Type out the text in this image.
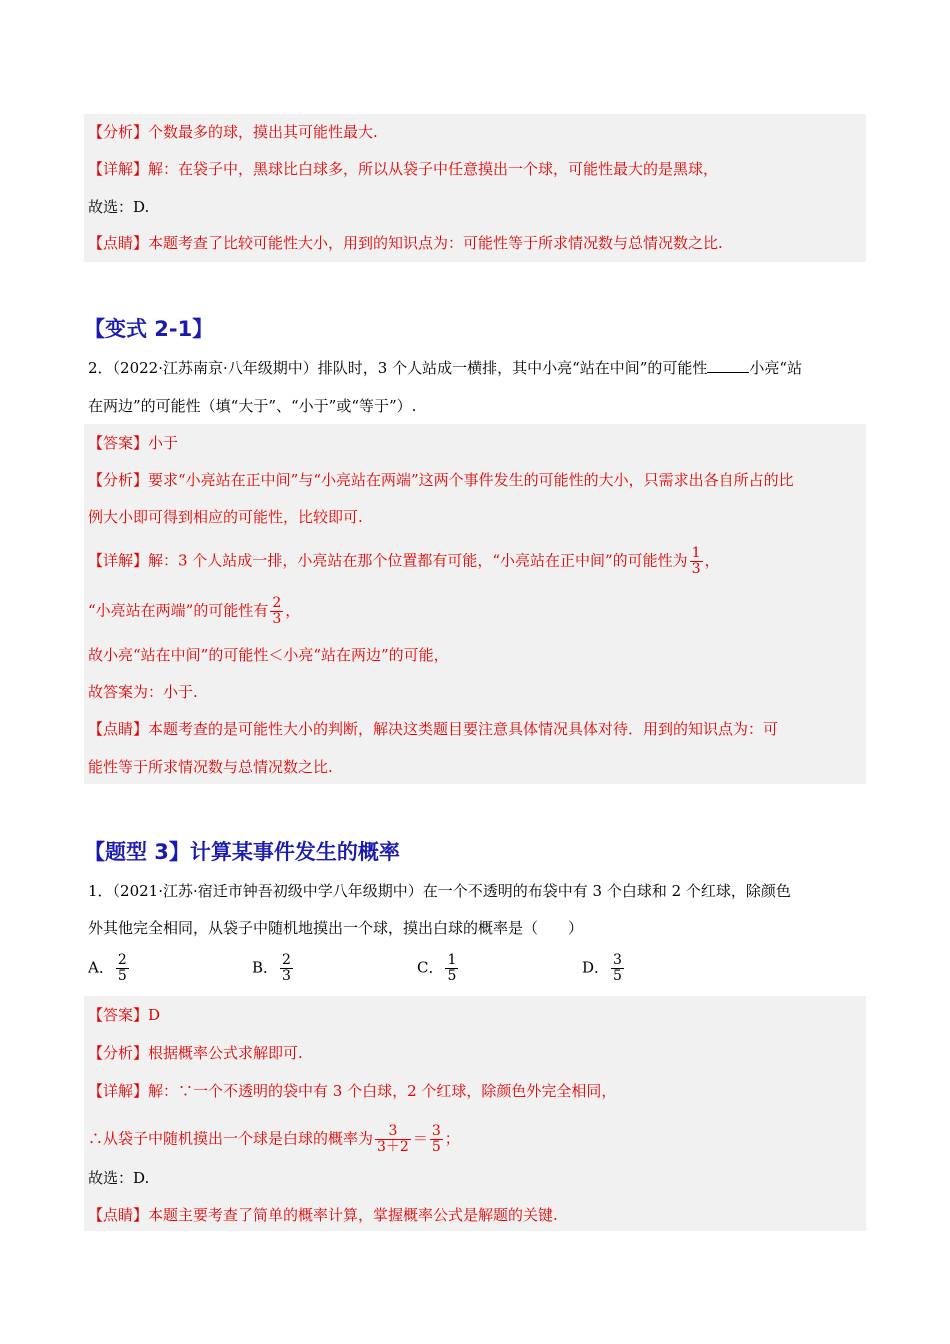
【分析】个数最多的球，摸出其可能性最大.
【详解】解：在袋子中，黑球比白球多，所以从袋子中任意摸出一个球，可能性最大的是黑球，
故选：D.
【点睛】本题考查了比较可能性大小，用到的知识点为：可能性等于所求情况数与总情况数之比.
【变式 2-1】
2．（2022·江苏南京·八年级期中）排队时，3 个人站成一横排，其中小亮“站在中间”的可能性	小亮“站
在两边”的可能性（填“大于”、“小于”或“等于”）.
【答案】小于
【分析】要求“小亮站在正中间”与“小亮站在两端”这两个事件发生的可能性的大小，只需求出各自所占的比
例大小即可得到相应的可能性，比较即可.
【详解】解：3 个人站成一排，小亮站在那个位置都有可能，“小亮站在正中间”的可能性为 $\frac{1}{3}$ ，
“小亮站在两端”的可能性有 $\frac{2}{3}$ ，
故小亮“站在中间”的可能性＜小亮“站在两边”的可能，
故答案为：小于.
【点睛】本题考查的是可能性大小的判断，解决这类题目要注意具体情况具体对待．用到的知识点为：可
能性等于所求情况数与总情况数之比.
【题型 3】计算某事件发生的概率
1．（2021·江苏·宿迁市钟吾初级中学八年级期中）在一个不透明的布袋中有 3 个白球和 2 个红球，除颜色
外其他完全相同，从袋子中随机地摸出一个球，摸出白球的概率是（　　）
A． $\frac{2}{5}$	B． $\frac{2}{3}$	C． $\frac{1}{5}$	D． $\frac{3}{5}$
【答案】D
【分析】根据概率公式求解即可.
【详解】解：∵一个不透明的袋中有 3 个白球，2 个红球，除颜色外完全相同，
∴从袋子中随机摸出一个球是白球的概率为 $\frac{3}{3+2} = \frac{3}{5}$ ；
故选：D.
【点睛】本题主要考查了简单的概率计算，掌握概率公式是解题的关键.
